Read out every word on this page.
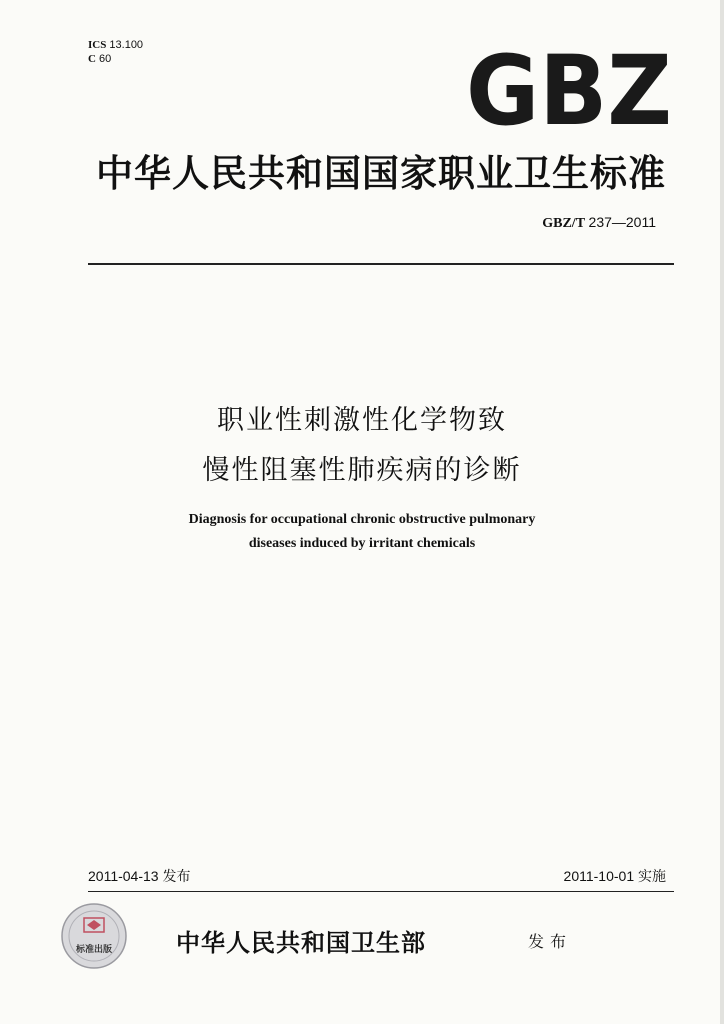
ICS 13.100
C 60	GBZ
中华人民共和国国家职业卫生标准
GBZ/T 237—2011
职业性刺激性化学物致
慢性阻塞性肺疾病的诊断
Diagnosis for occupational chronic obstructive pulmonary
diseases induced by irritant chemicals
2011-04-13 发布	2011-10-01 实施
标准出版	中华人民共和国卫生部	发布
